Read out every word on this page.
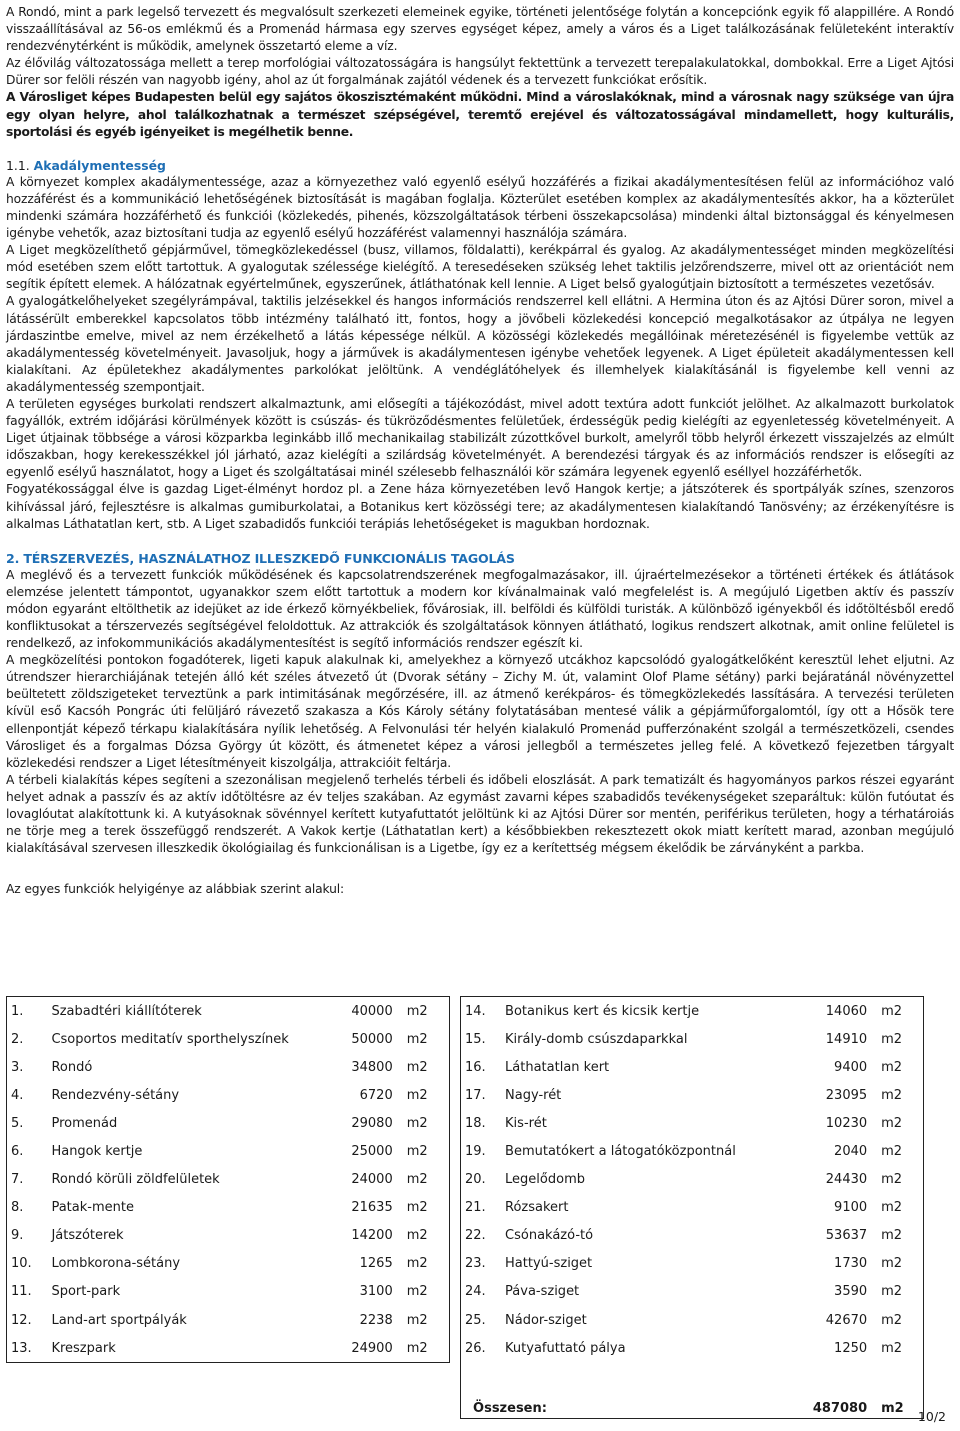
A Rondó, mint a park legelső tervezett és megvalósult szerkezeti elemeinek egyike, történeti jelentősége folytán a koncepciónk egyik fő alappillére. A Rondó visszaállításával az 56-os emlékmű és a Promenád hármasa egy szerves egységet képez, amely a város és a Liget találkozásának felületeként interaktív rendezvénytérként is működik, amelynek összetartó eleme a víz.

Az élővilág változatossága mellett a terep morfológiai változatosságára is hangsúlyt fektettünk a tervezett terepalakulatokkal, dombokkal. Erre a Liget Ajtósi Dürer sor felöli részén van nagyobb igény, ahol az út forgalmának zajától védenek és a tervezett funkciókat erősítik.

A Városliget képes Budapesten belül egy sajátos ökoszisztémaként működni. Mind a városlakóknak, mind a városnak nagy szüksége van újra egy olyan helyre, ahol találkozhatnak a természet szépségével, teremtő erejével és változatosságával mindamellett, hogy kulturális, sportolási és egyéb igényeiket is megélhetik benne.

1.1. Akadálymentesség

A környezet komplex akadálymentessége, azaz a környezethez való egyenlő esélyű hozzáférés a fizikai akadálymentesítésen felül az információhoz való hozzáférést és a kommunikáció lehetőségének biztosítását is magában foglalja. Közterület esetében komplex az akadálymentesítés akkor, ha a közterület mindenki számára hozzáférhető és funkciói (közlekedés, pihenés, közszolgáltatások térbeni összekapcsolása) mindenki által biztonsággal és kényelmesen igénybe vehetők, azaz biztosítani tudja az egyenlő esélyű hozzáférést valamennyi használója számára.

A Liget megközelíthető gépjárművel, tömegközlekedéssel (busz, villamos, földalatti), kerékpárral és gyalog. Az akadálymentességet minden megközelítési mód esetében szem előtt tartottuk. A gyalogutak szélessége kielégítő. A teresedéseken szükség lehet taktilis jelzőrendszerre, mivel ott az orientációt nem segítik épített elemek. A hálózatnak egyértelműnek, egyszerűnek, átláthatónak kell lennie. A Liget belső gyalogútjain biztosított a természetes vezetősáv.

A gyalogátkelőhelyeket szegélyrámpával, taktilis jelzésekkel és hangos információs rendszerrel kell ellátni. A Hermina úton és az Ajtósi Dürer soron, mivel a látássérült emberekkel kapcsolatos több intézmény található itt, fontos, hogy a jövőbeli közlekedési koncepció megalkotásakor az útpálya ne legyen járdaszintbe emelve, mivel az nem érzékelhető a látás képessége nélkül. A közösségi közlekedés megállóinak méretezésénél is figyelembe vettük az akadálymentesség követelményeit. Javasoljuk, hogy a járművek is akadálymentesen igénybe vehetőek legyenek. A Liget épületeit akadálymentessen kell kialakítani. Az épületekhez akadálymentes parkolókat jelöltünk. A vendéglátóhelyek és illemhelyek kialakításánál is figyelembe kell venni az akadálymentesség szempontjait.

A területen egységes burkolati rendszert alkalmaztunk, ami elősegíti a tájékozódást, mivel adott textúra adott funkciót jelölhet. Az alkalmazott burkolatok fagyállók, extrém időjárási körülmények között is csúszás- és tükröződésmentes felületűek, érdességük pedig kielégíti az egyenletesség követelményeit. A Liget útjainak többsége a városi közparkba leginkább illő mechanikailag stabilizált zúzottkővel burkolt, amelyről több helyről érkezett visszajelzés az elmúlt időszakban, hogy kerekesszékkel jól járható, azaz kielégíti a szilárdság követelményét. A berendezési tárgyak és az információs rendszer is elősegíti az egyenlő esélyű használatot, hogy a Liget és szolgáltatásai minél szélesebb felhasználói kör számára legyenek egyenlő eséllyel hozzáférhetők.

Fogyatékossággal élve is gazdag Liget-élményt hordoz pl. a Zene háza környezetében levő Hangok kertje; a játszóterek és sportpályák színes, szenzoros kihívással járó, fejlesztésre is alkalmas gumiburkolatai, a Botanikus kert közösségi tere; az akadálymentesen kialakítandó Tanösvény; az érzékenyítésre is alkalmas Láthatatlan kert, stb. A Liget szabadidős funkciói terápiás lehetőségeket is magukban hordoznak.

2. TÉRSZERVEZÉS, HASZNÁLATHOZ ILLESZKEDŐ FUNKCIONÁLIS TAGOLÁS

A meglévő és a tervezett funkciók működésének és kapcsolatrendszerének megfogalmazásakor, ill. újraértelmezésekor a történeti értékek és átlátások elemzése jelentett támpontot, ugyanakkor szem előtt tartottuk a modern kor kívánalmainak való megfelelést is. A megújuló Ligetben aktív és passzív módon egyaránt eltölthetik az idejüket az ide érkező környékbeliek, fővárosiak, ill. belföldi és külföldi turisták. A különböző igényekből és időtöltésből eredő konfliktusokat a térszervezés segítségével feloldottuk. Az attrakciók és szolgáltatások könnyen átlátható, logikus rendszert alkotnak, amit online felületel is rendelkező, az infokommunikációs akadálymentesítést is segítő információs rendszer egészít ki.

A megközelítési pontokon fogadóterek, ligeti kapuk alakulnak ki, amelyekhez a környező utcákhoz kapcsolódó gyalogátkelőként keresztül lehet eljutni. Az útrendszer hierarchiájának tetején álló két széles átvezető út (Dvorak sétány – Zichy M. út, valamint Olof Plame sétány) parki bejáratánál növényzettel beültetett zöldszigeteket terveztünk a park intimitásának megőrzésére, ill. az átmenő kerékpáros- és tömegközlekedés lassítására. A tervezési területen kívül eső Kacsóh Pongrác úti felüljáró rávezető szakasza a Kós Károly sétány folytatásában mentesé válik a gépjárműforgalomtól, így ott a Hősök tere ellenpontját képező térkapu kialakítására nyílik lehetőség. A Felvonulási tér helyén kialakuló Promenád pufferzónaként szolgál a természetközeli, csendes Városliget és a forgalmas Dózsa György út között, és átmenetet képez a városi jellegből a természetes jelleg felé. A következő fejezetben tárgyalt közlekedési rendszer a Liget létesítményeit kiszolgálja, attrakcióit feltárja.

A térbeli kialakítás képes segíteni a szezonálisan megjelenő terhelés térbeli és időbeli eloszlását. A park tematizált és hagyományos parkos részei egyaránt helyet adnak a passzív és az aktív időtöltésre az év teljes szakában. Az egymást zavarni képes szabadidős tevékenységeket szeparáltuk: külön futóutat és lovaglóutat alakítottunk ki. A kutyásoknak sövénnyel kerített kutyafuttatót jelöltünk ki az Ajtósi Dürer sor mentén, periférikus területen, hogy a térhatároiás ne törje meg a terek összefüggő rendszerét. A Vakok kertje (Láthatatlan kert) a későbbiekben rekesztezett okok miatt kerített marad, azonban megújuló kialakításával szervesen illeszkedik ökológiailag és funkcionálisan is a Ligetbe, így ez a kerítettség mégsem ékelődik be zárványként a parkba.

Az egyes funkciók helyigénye az alábbiak szerint alakul:

1.	Szabadtéri kiállítóterek	40000	m2
2.	Csoportos meditatív sporthelyszínek	50000	m2
3.	Rondó	34800	m2
4.	Rendezvény-sétány	6720	m2
5.	Promenád	29080	m2
6.	Hangok kertje	25000	m2
7.	Rondó körüli zöldfelületek	24000	m2
8.	Patak-mente	21635	m2
9.	Játszóterek	14200	m2
10.	Lombkorona-sétány	1265	m2
11.	Sport-park	3100	m2
12.	Land-art sportpályák	2238	m2
13.	Kreszpark	24900	m2
14.	Botanikus kert és kicsik kertje	14060	m2
15.	Király-domb csúszdaparkkal	14910	m2
16.	Láthatatlan kert	9400	m2
17.	Nagy-rét	23095	m2
18.	Kis-rét	10230	m2
19.	Bemutatókert a látogatóközpontnál	2040	m2
20.	Legelődomb	24430	m2
21.	Rózsakert	9100	m2
22.	Csónakázó-tó	53637	m2
23.	Hattyú-sziget	1730	m2
24.	Páva-sziget	3590	m2
25.	Nádor-sziget	42670	m2
26.	Kutyafuttató pálya	1250	m2
	Összesen:	487080	m2
10/2
